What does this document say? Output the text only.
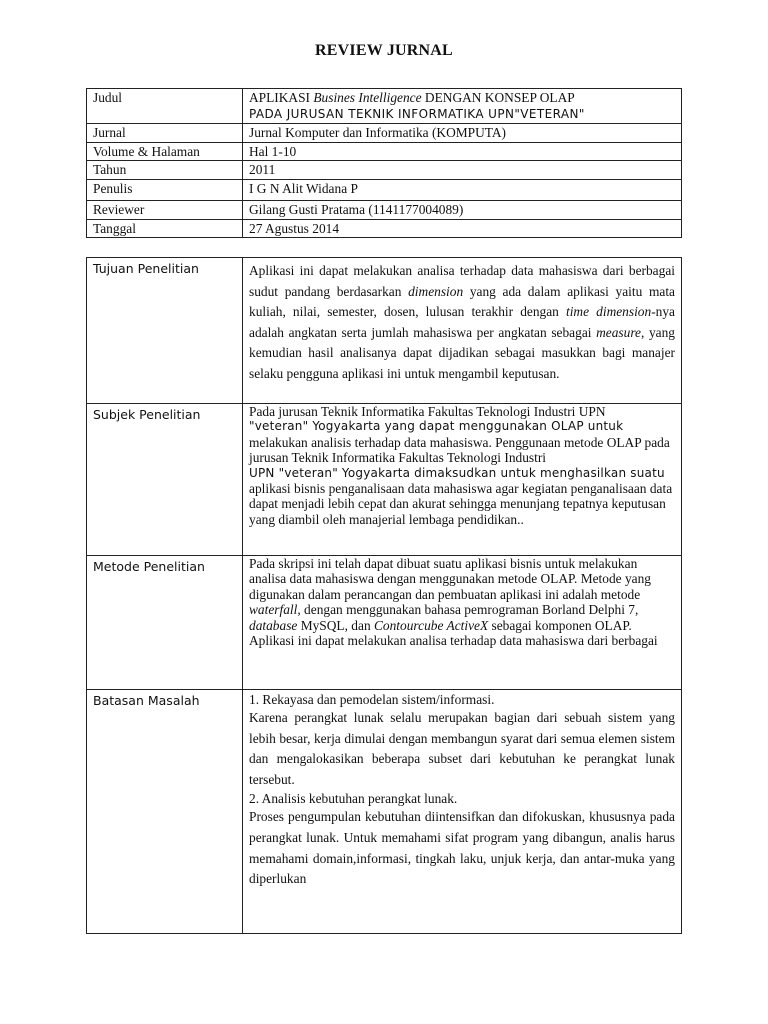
REVIEW JURNAL
Judul	APLIKASI Busines Intelligence DENGAN KONSEP OLAP
PADA JURUSAN TEKNIK INFORMATIKA UPN"VETERAN"
Jurnal	Jurnal Komputer dan Informatika (KOMPUTA)
Volume & Halaman	Hal 1-10
Tahun	2011
Penulis	I G N Alit Widana P
Reviewer	Gilang Gusti Pratama (1141177004089)
Tanggal	27 Agustus 2014
Tujuan Penelitian	Aplikasi ini dapat melakukan analisa terhadap data mahasiswa dari berbagai sudut pandang berdasarkan dimension yang ada dalam aplikasi yaitu mata kuliah, nilai, semester, dosen, lulusan terakhir dengan time dimension-nya adalah angkatan serta jumlah mahasiswa per angkatan sebagai measure, yang kemudian hasil analisanya dapat dijadikan sebagai masukkan bagi manajer selaku pengguna aplikasi ini untuk mengambil keputusan.
Subjek Penelitian	Pada jurusan Teknik Informatika Fakultas Teknologi Industri UPN
"veteran" Yogyakarta yang dapat menggunakan OLAP untuk
melakukan analisis terhadap data mahasiswa. Penggunaan metode OLAP pada jurusan Teknik Informatika Fakultas Teknologi Industri
UPN "veteran" Yogyakarta dimaksudkan untuk menghasilkan suatu
aplikasi bisnis penganalisaan data mahasiswa agar kegiatan penganalisaan data dapat menjadi lebih cepat dan akurat sehingga menunjang tepatnya keputusan yang diambil oleh manajerial lembaga pendidikan..

Metode Penelitian	Pada skripsi ini telah dapat dibuat suatu aplikasi bisnis untuk melakukan analisa data mahasiswa dengan menggunakan metode OLAP. Metode yang digunakan dalam perancangan dan pembuatan aplikasi ini adalah metode waterfall, dengan menggunakan bahasa pemrograman Borland Delphi 7, database MySQL, dan Contourcube ActiveX sebagai komponen OLAP.
Aplikasi ini dapat melakukan analisa terhadap data mahasiswa dari berbagai

Batasan Masalah	1. Rekayasa dan pemodelan sistem/informasi.
Karena perangkat lunak selalu merupakan bagian dari sebuah sistem yang lebih besar, kerja dimulai dengan membangun syarat dari semua elemen sistem dan mengalokasikan beberapa subset dari kebutuhan ke perangkat lunak tersebut.
2. Analisis kebutuhan perangkat lunak.
Proses pengumpulan kebutuhan diintensifkan dan difokuskan, khususnya pada perangkat lunak. Untuk memahami sifat program yang dibangun, analis harus memahami domain,informasi, tingkah laku, unjuk kerja, dan antar-muka yang diperlukan
